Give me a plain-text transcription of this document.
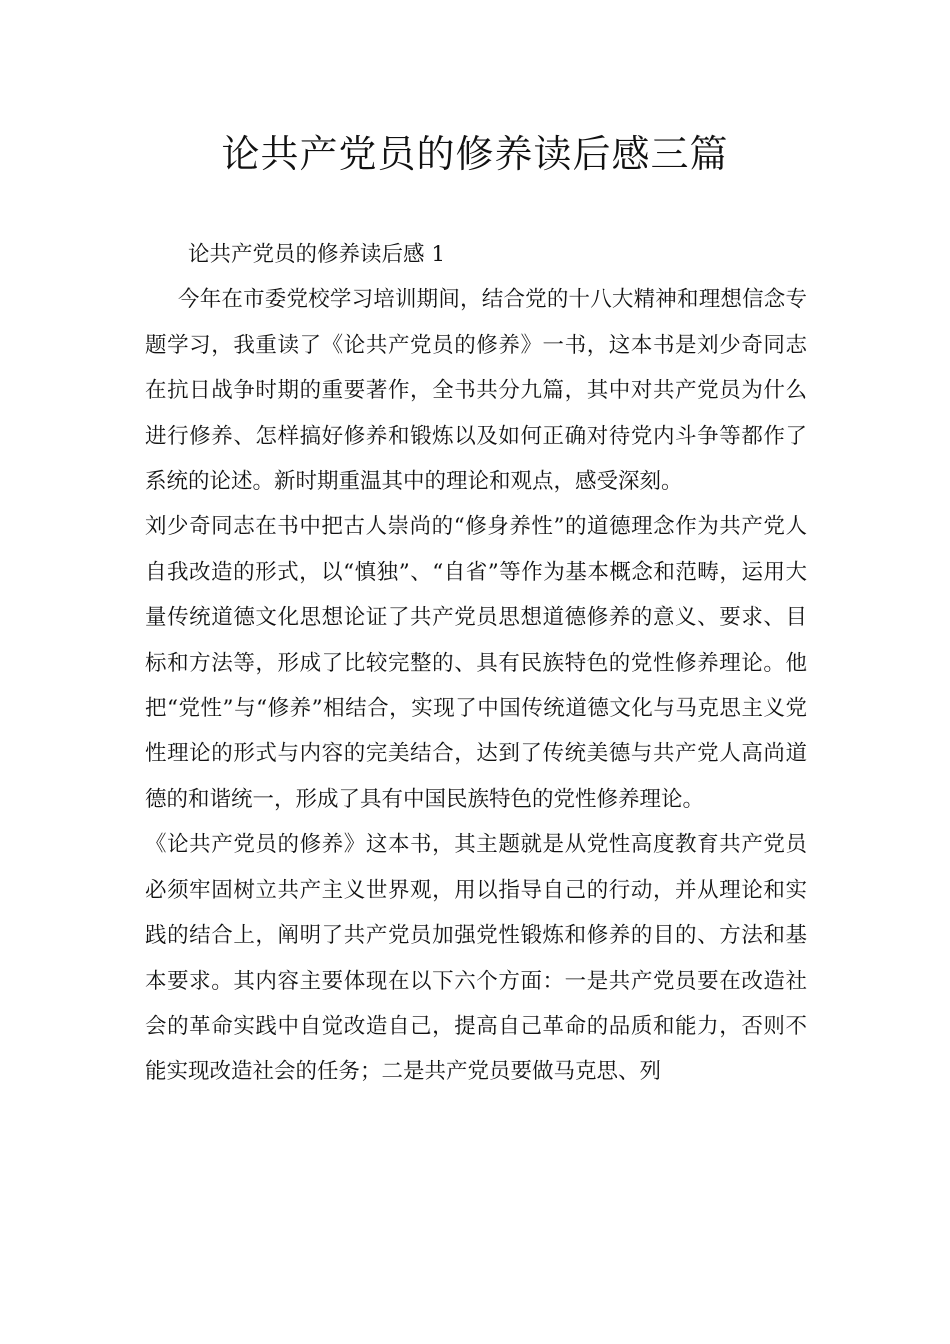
论共产党员的修养读后感三篇

论共产党员的修养读后感 1

今年在市委党校学习培训期间，结合党的十八大精神和理想信念专题学习，我重读了《论共产党员的修养》一书，这本书是刘少奇同志在抗日战争时期的重要著作，全书共分九篇，其中对共产党员为什么进行修养、怎样搞好修养和锻炼以及如何正确对待党内斗争等都作了系统的论述。新时期重温其中的理论和观点，感受深刻。

刘少奇同志在书中把古人崇尚的“修身养性”的道德理念作为共产党人自我改造的形式，以“慎独”、“自省”等作为基本概念和范畴，运用大量传统道德文化思想论证了共产党员思想道德修养的意义、要求、目标和方法等，形成了比较完整的、具有民族特色的党性修养理论。他把“党性”与“修养”相结合，实现了中国传统道德文化与马克思主义党性理论的形式与内容的完美结合，达到了传统美德与共产党人高尚道德的和谐统一，形成了具有中国民族特色的党性修养理论。

《论共产党员的修养》这本书，其主题就是从党性高度教育共产党员必须牢固树立共产主义世界观，用以指导自己的行动，并从理论和实践的结合上，阐明了共产党员加强党性锻炼和修养的目的、方法和基本要求。其内容主要体现在以下六个方面：一是共产党员要在改造社会的革命实践中自觉改造自己，提高自己革命的品质和能力，否则不能实现改造社会的任务；二是共产党员要做马克思、列
